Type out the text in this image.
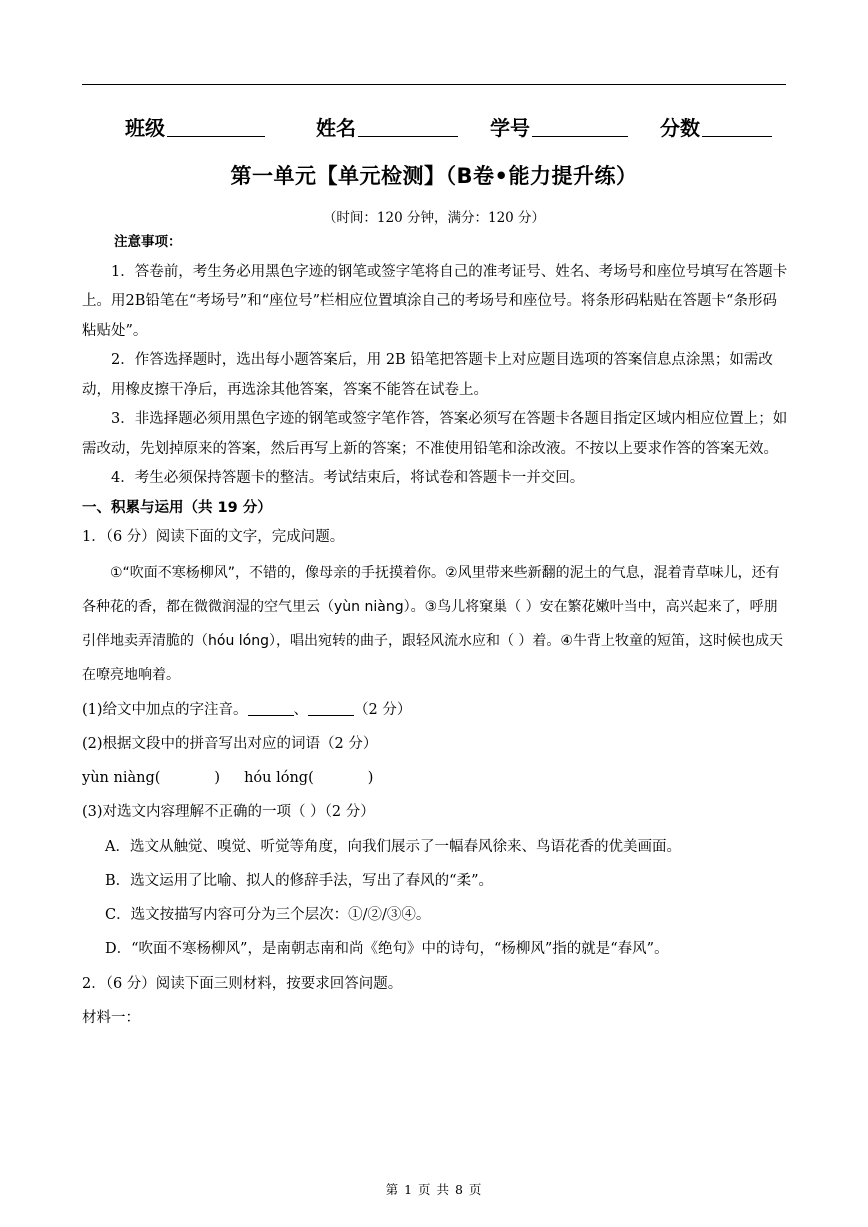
班级	姓名	学号	分数
第一单元【单元检测】（B卷•能力提升练）
（时间：120 分钟，满分：120 分）

注意事项：

1．答卷前，考生务必用黑色字迹的钢笔或签字笔将自己的准考证号、姓名、考场号和座位号填写在答题卡上。用2B铅笔在“考场号”和“座位号”栏相应位置填涂自己的考场号和座位号。将条形码粘贴在答题卡“条形码粘贴处”。

2．作答选择题时，选出每小题答案后，用 2B 铅笔把答题卡上对应题目选项的答案信息点涂黑；如需改动，用橡皮擦干净后，再选涂其他答案，答案不能答在试卷上。

3．非选择题必须用黑色字迹的钢笔或签字笔作答，答案必须写在答题卡各题目指定区域内相应位置上；如需改动，先划掉原来的答案，然后再写上新的答案；不准使用铅笔和涂改液。不按以上要求作答的答案无效。

4．考生必须保持答题卡的整洁。考试结束后，将试卷和答题卡一并交回。

一、积累与运用（共 19 分）

1．（6 分）阅读下面的文字，完成问题。

①“吹面不寒杨柳风”，不错的，像母亲的手抚摸着你。②风里带来些新翻的泥土的气息，混着青草味儿，还有各种花的香，都在微微润湿的空气里云（yùn niàng）。③鸟儿将窠巢（ ）安在繁花嫩叶当中，高兴起来了，呼朋引伴地卖弄清脆的（hóu lóng），唱出宛转的曲子，跟轻风流水应和（ ）着。④牛背上牧童的短笛，这时候也成天在嘹亮地响着。

(1)给文中加点的字注音。	、	（2 分）

(2)根据文段中的拼音写出对应的词语（2 分）

yùn niàng(	) hóu lóng(	)

(3)对选文内容理解不正确的一项（ ）（2 分）

A．选文从触觉、嗅觉、听觉等角度，向我们展示了一幅春风徐来、鸟语花香的优美画面。

B．选文运用了比喻、拟人的修辞手法，写出了春风的“柔”。

C．选文按描写内容可分为三个层次：①/②/③④。

D．“吹面不寒杨柳风”，是南朝志南和尚《绝句》中的诗句，“杨柳风”指的就是“春风”。

2．（6 分）阅读下面三则材料，按要求回答问题。

材料一：

第 1 页 共 8 页
